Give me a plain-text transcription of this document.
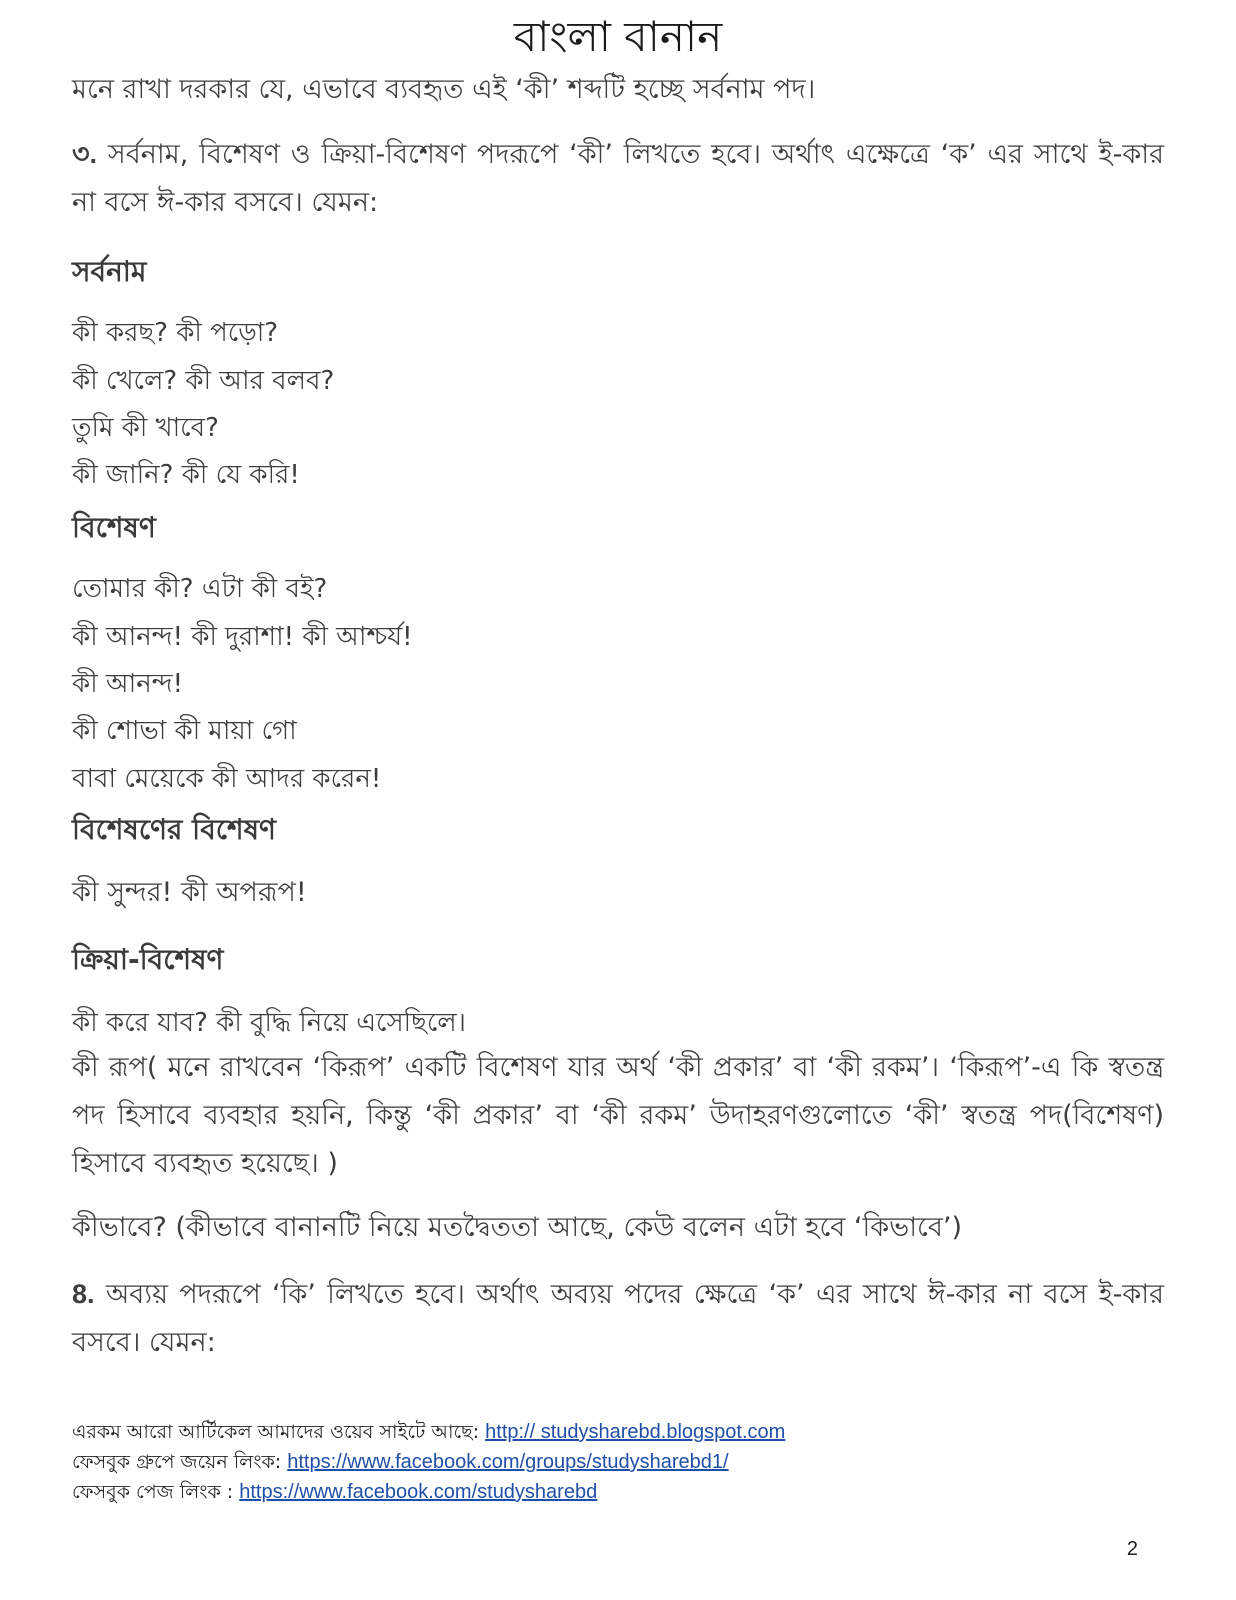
বাংলা বানান
মনে রাখা দরকার যে, এভাবে ব্যবহৃত এই ‘কী’ শব্দটি হচ্ছে সর্বনাম পদ।
৩. সর্বনাম, বিশেষণ ও ক্রিয়া-বিশেষণ পদরূপে ‘কী’ লিখতে হবে। অর্থাৎ এক্ষেত্রে ‘ক’ এর সাথে ই-কার না বসে ঈ-কার বসবে। যেমন:
সর্বনাম
কী করছ? কী পড়ো?
কী খেলে? কী আর বলব?
তুমি কী খাবে?
কী জানি? কী যে করি!
বিশেষণ
তোমার কী? এটা কী বই?
কী আনন্দ! কী দুরাশা! কী আশ্চর্য!
কী আনন্দ!
কী শোভা কী মায়া গো
বাবা মেয়েকে কী আদর করেন!
বিশেষণের বিশেষণ
কী সুন্দর! কী অপরূপ!
ক্রিয়া-বিশেষণ
কী করে যাব? কী বুদ্ধি নিয়ে এসেছিলে।
কী রূপ( মনে রাখবেন ‘কিরূপ’ একটি বিশেষণ যার অর্থ ‘কী প্রকার’ বা ‘কী রকম’। ‘কিরূপ’-এ কি স্বতন্ত্র পদ হিসাবে ব্যবহার হয়নি, কিন্তু ‘কী প্রকার’ বা ‘কী রকম’ উদাহরণগুলোতে ‘কী’ স্বতন্ত্র পদ(বিশেষণ) হিসাবে ব্যবহৃত হয়েছে। )
কীভাবে? (কীভাবে বানানটি নিয়ে মতদ্বৈততা আছে, কেউ বলেন এটা হবে ‘কিভাবে’)
8. অব্যয় পদরূপে ‘কি’ লিখতে হবে। অর্থাৎ অব্যয় পদের ক্ষেত্রে ‘ক’ এর সাথে ঈ-কার না বসে ই-কার বসবে। যেমন:
এরকম আরো আর্টিকেল আমাদের ওয়েব সাইটে আছে: http:// studysharebd.blogspot.com
ফেসবুক গ্রুপে জয়েন লিংক: https://www.facebook.com/groups/studysharebd1/
ফেসবুক পেজ লিংক : https://www.facebook.com/studysharebd
2
